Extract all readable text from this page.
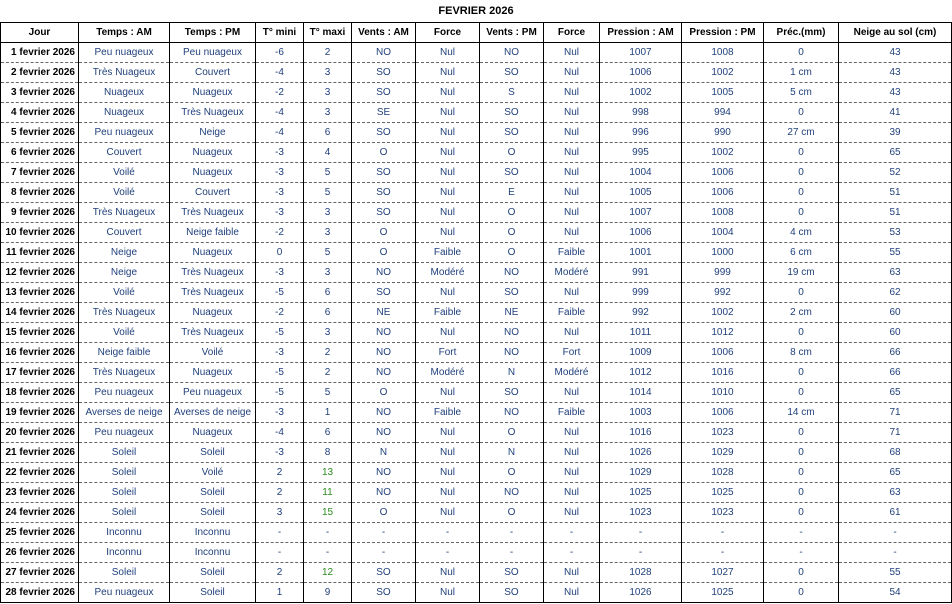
FEVRIER 2026
Jour	Temps : AM	Temps : PM	T° mini	T° maxi	Vents : AM	Force	Vents : PM	Force	Pression : AM	Pression : PM	Préc.(mm)	Neige au sol (cm)
1 fevrier 2026	Peu nuageux	Peu nuageux	-6	2	NO	Nul	NO	Nul	1007	1008	0	43
2 fevrier 2026	Très Nuageux	Couvert	-4	3	SO	Nul	SO	Nul	1006	1002	1 cm	43
3 fevrier 2026	Nuageux	Nuageux	-2	3	SO	Nul	S	Nul	1002	1005	5 cm	43
4 fevrier 2026	Nuageux	Très Nuageux	-4	3	SE	Nul	SO	Nul	998	994	0	41
5 fevrier 2026	Peu nuageux	Neige	-4	6	SO	Nul	SO	Nul	996	990	27 cm	39
6 fevrier 2026	Couvert	Nuageux	-3	4	O	Nul	O	Nul	995	1002	0	65
7 fevrier 2026	Voilé	Nuageux	-3	5	SO	Nul	SO	Nul	1004	1006	0	52
8 fevrier 2026	Voilé	Couvert	-3	5	SO	Nul	E	Nul	1005	1006	0	51
9 fevrier 2026	Très Nuageux	Très Nuageux	-3	3	SO	Nul	O	Nul	1007	1008	0	51
10 fevrier 2026	Couvert	Neige faible	-2	3	O	Nul	O	Nul	1006	1004	4 cm	53
11 fevrier 2026	Neige	Nuageux	0	5	O	Faible	O	Faible	1001	1000	6 cm	55
12 fevrier 2026	Neige	Très Nuageux	-3	3	NO	Modéré	NO	Modéré	991	999	19 cm	63
13 fevrier 2026	Voilé	Très Nuageux	-5	6	SO	Nul	SO	Nul	999	992	0	62
14 fevrier 2026	Très Nuageux	Nuageux	-2	6	NE	Faible	NE	Faible	992	1002	2 cm	60
15 fevrier 2026	Voilé	Très Nuageux	-5	3	NO	Nul	NO	Nul	1011	1012	0	60
16 fevrier 2026	Neige faible	Voilé	-3	2	NO	Fort	NO	Fort	1009	1006	8 cm	66
17 fevrier 2026	Très Nuageux	Nuageux	-5	2	NO	Modéré	N	Modéré	1012	1016	0	66
18 fevrier 2026	Peu nuageux	Peu nuageux	-5	5	O	Nul	SO	Nul	1014	1010	0	65
19 fevrier 2026	Averses de neige	Averses de neige	-3	1	NO	Faible	NO	Faible	1003	1006	14 cm	71
20 fevrier 2026	Peu nuageux	Nuageux	-4	6	NO	Nul	O	Nul	1016	1023	0	71
21 fevrier 2026	Soleil	Soleil	-3	8	N	Nul	N	Nul	1026	1029	0	68
22 fevrier 2026	Soleil	Voilé	2	13	NO	Nul	O	Nul	1029	1028	0	65
23 fevrier 2026	Soleil	Soleil	2	11	NO	Nul	NO	Nul	1025	1025	0	63
24 fevrier 2026	Soleil	Soleil	3	15	O	Nul	O	Nul	1023	1023	0	61
25 fevrier 2026	Inconnu	Inconnu	-	-	-	-	-	-	-	-	-	-
26 fevrier 2026	Inconnu	Inconnu	-	-	-	-	-	-	-	-	-	-
27 fevrier 2026	Soleil	Soleil	2	12	SO	Nul	SO	Nul	1028	1027	0	55
28 fevrier 2026	Peu nuageux	Soleil	1	9	SO	Nul	SO	Nul	1026	1025	0	54
